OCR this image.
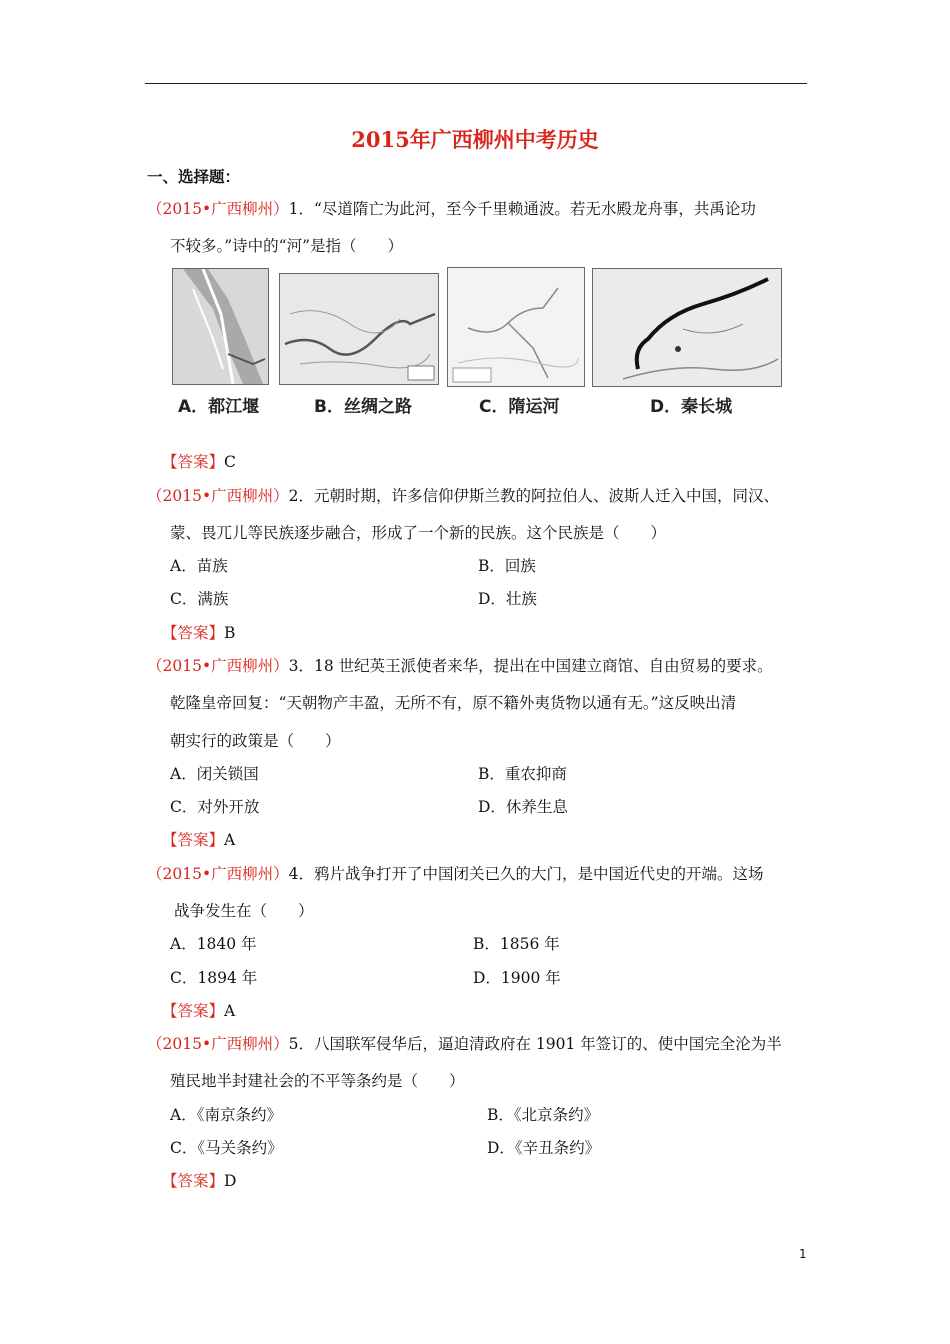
2015年广西柳州中考历史
一、选择题：
（2015•广西柳州）1．“尽道隋亡为此河，至今千里赖通波。若无水殿龙舟事，共禹论功
不较多。”诗中的“河”是指（　　）
A．都江堰	B．丝绸之路	C．隋运河	D．秦长城
【答案】C
（2015•广西柳州）2．元朝时期，许多信仰伊斯兰教的阿拉伯人、波斯人迁入中国，同汉、
蒙、畏兀儿等民族逐步融合，形成了一个新的民族。这个民族是（　　）
A．苗族	B．回族
C．满族	D．壮族
【答案】B
（2015•广西柳州）3．18 世纪英王派使者来华，提出在中国建立商馆、自由贸易的要求。
乾隆皇帝回复：“天朝物产丰盈，无所不有，原不籍外夷货物以通有无。”这反映出清
朝实行的政策是（　　）
A．闭关锁国	B．重农抑商
C．对外开放	D．休养生息
【答案】A
（2015•广西柳州）4．鸦片战争打开了中国闭关已久的大门，是中国近代史的开端。这场
战争发生在（　　）
A．1840 年	B．1856 年
C．1894 年	D．1900 年
【答案】A
（2015•广西柳州）5．八国联军侵华后，逼迫清政府在 1901 年签订的、使中国完全沦为半
殖民地半封建社会的不平等条约是（　　）
A．《南京条约》	B．《北京条约》
C．《马关条约》	D．《辛丑条约》
【答案】D
1
